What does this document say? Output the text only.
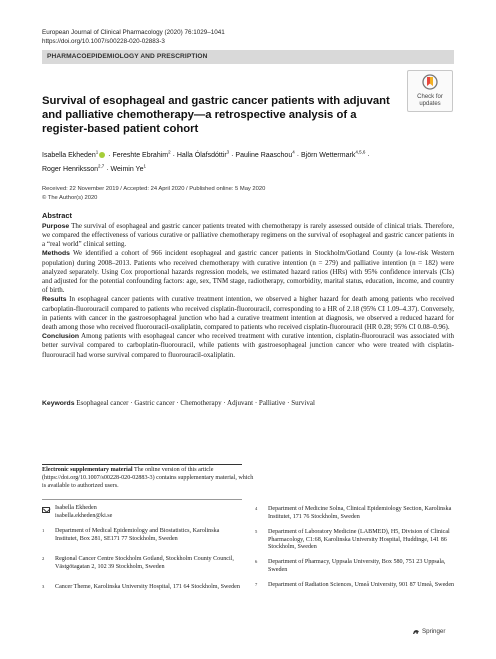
European Journal of Clinical Pharmacology (2020) 76:1029–1041
https://doi.org/10.1007/s00228-020-02883-3
PHARMACOEPIDEMIOLOGY AND PRESCRIPTION
Check for
updates
Survival of esophageal and gastric cancer patients with adjuvant and palliative chemotherapy—a retrospective analysis of a register-based patient cohort
Isabella Ekheden$^1$ · Fereshte Ebrahim$^2$ · Halla Ólafsdóttir$^3$ · Pauline Raaschou$^4$ · Björn Wettermark$^{4,5,6}$ ·
Roger Henriksson$^{2,7}$ · Weimin Ye$^1$
Received: 22 November 2019 / Accepted: 24 April 2020 / Published online: 5 May 2020
© The Author(s) 2020
Abstract

Purpose The survival of esophageal and gastric cancer patients treated with chemotherapy is rarely assessed outside of clinical trials. Therefore, we compared the effectiveness of various curative or palliative chemotherapy regimens on the survival of esophageal and gastric cancer patients in a “real world” clinical setting.

Methods We identified a cohort of 966 incident esophageal and gastric cancer patients in Stockholm/Gotland County (a low-risk Western population) during 2008–2013. Patients who received chemotherapy with curative intention (n = 279) and palliative intention (n = 182) were analyzed separately. Using Cox proportional hazards regression models, we estimated hazard ratios (HRs) with 95% confidence intervals (CIs) and adjusted for the potential confounding factors: age, sex, TNM stage, radiotherapy, comorbidity, marital status, education, income, and country of birth.

Results In esophageal cancer patients with curative treatment intention, we observed a higher hazard for death among patients who received carboplatin-fluorouracil compared to patients who received cisplatin-fluorouracil, corresponding to a HR of 2.18 (95% CI 1.09–4.37). Conversely, in patients with cancer in the gastroesophageal junction who had a curative treatment intention at diagnosis, we observed a reduced hazard for death among those who received fluorouracil-oxaliplatin, compared to patients who received cisplatin-fluorouracil (HR 0.28; 95% CI 0.08–0.96).

Conclusion Among patients with esophageal cancer who received treatment with curative intention, cisplatin-fluorouracil was associated with better survival compared to carboplatin-fluorouracil, while patients with gastroesophageal junction cancer who were treated with cisplatin-fluorouracil had worse survival compared to fluorouracil-oxaliplatin.

Keywords Esophageal cancer · Gastric cancer · Chemotherapy · Adjuvant · Palliative · Survival
Electronic supplementary material The online version of this article (https://doi.org/10.1007/s00228-020-02883-3) contains supplementary material, which is available to authorized users.
Isabella Ekheden
isabella.ekheden@ki.se
1 Department of Medical Epidemiology and Biostatistics, Karolinska Institutet, Box 281, SE171 77 Stockholm, Sweden
2 Regional Cancer Centre Stockholm Gotland, Stockholm County Council, Västgötagatan 2, 102 39 Stockholm, Sweden
3 Cancer Theme, Karolinska University Hospital, 171 64 Stockholm, Sweden
4 Department of Medicine Solna, Clinical Epidemiology Section, Karolinska Institutet, 171 76 Stockholm, Sweden
5 Department of Laboratory Medicine (LABMED), H5, Division of Clinical Pharmacology, C1:68, Karolinska University Hospital, Huddinge, 141 86 Stockholm, Sweden
6 Department of Pharmacy, Uppsala University, Box 580, 751 23 Uppsala, Sweden
7 Department of Radiation Sciences, Umeå University, 901 87 Umeå, Sweden
Springer
